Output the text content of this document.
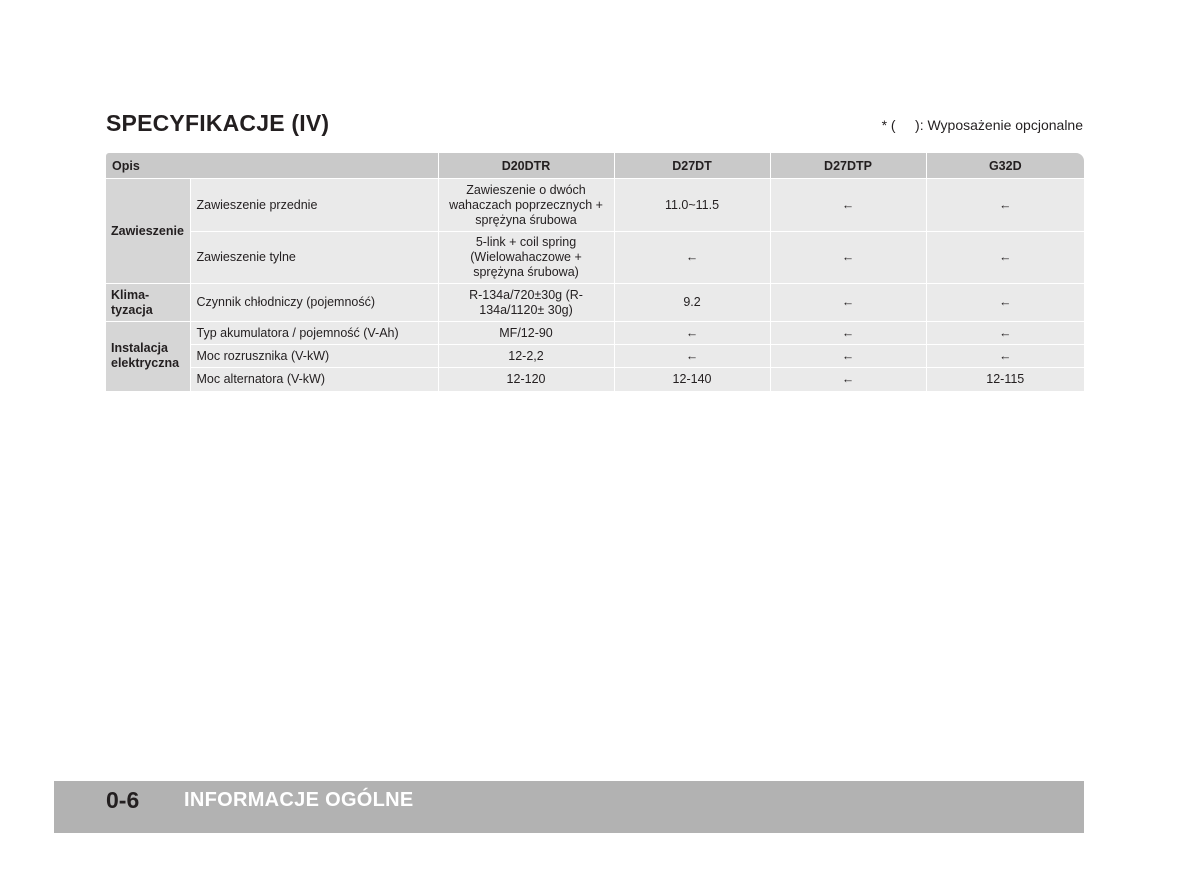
SPECYFIKACJE (IV)	* (     ): Wyposażenie opcjonalne
Opis		D20DTR	D27DT	D27DTP	G32D
Zawieszenie	Zawieszenie przednie	Zawieszenie o dwóch wahaczach poprzecznych + sprężyna śrubowa	11.0~11.5	←	←
	Zawieszenie tylne	5-link + coil spring (Wielowahaczowe + sprężyna śrubowa)	←	←	←
Klima-
tyzacja	Czynnik chłodniczy (pojemność)	R-134a/720±30g (R-134a/1120± 30g)	9.2	←	←
Instalacja
elektryczna	Typ akumulatora / pojemność (V-Ah)	MF/12-90	←	←	←
	Moc rozrusznika (V-kW)	12-2,2	←	←	←
	Moc alternatora (V-kW)	12-120	12-140	←	12-115
0-6 INFORMACJE OGÓLNE
